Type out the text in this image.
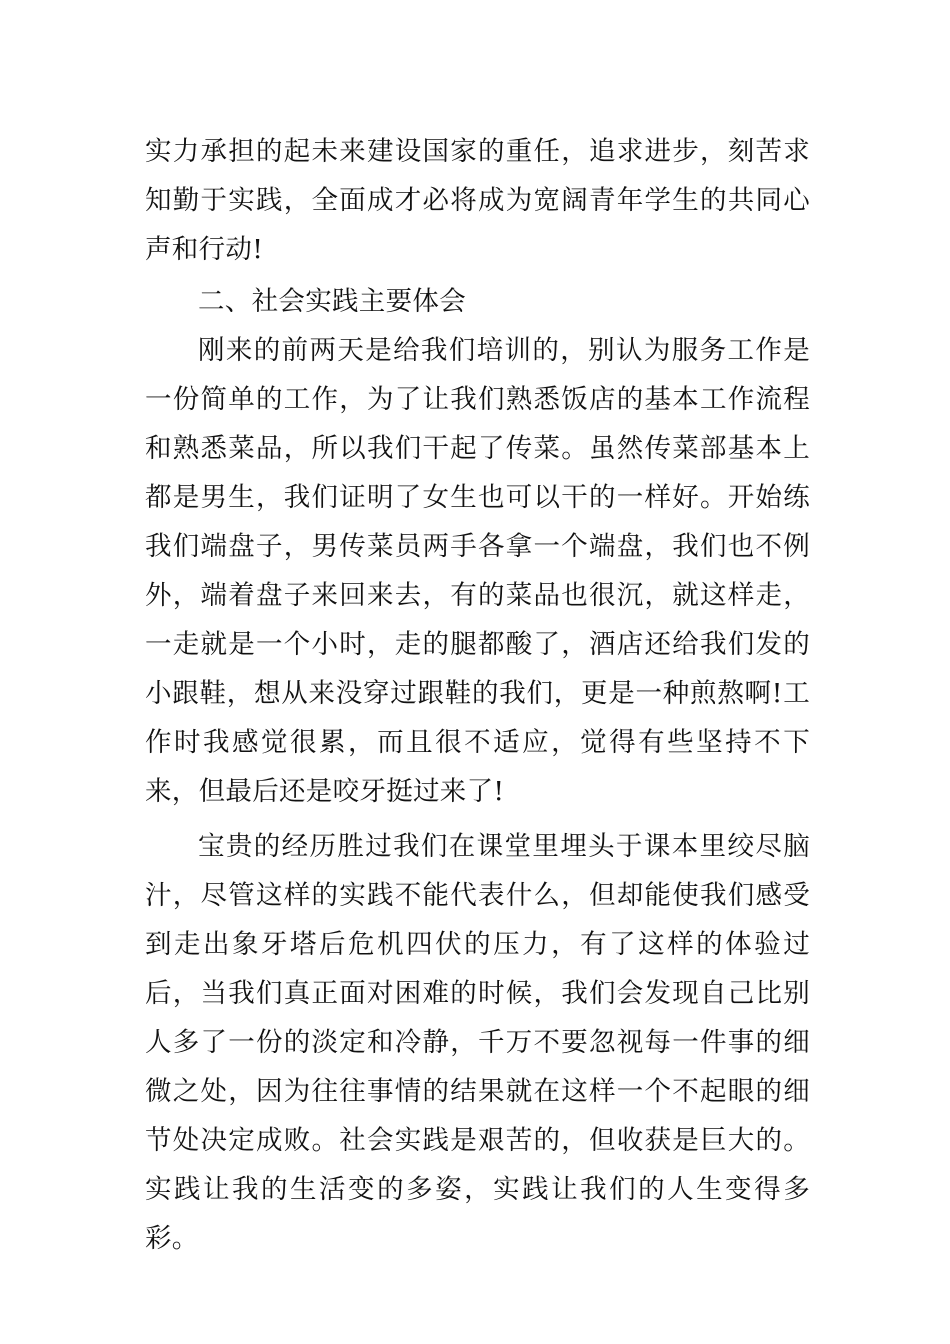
实力承担的起未来建设国家的重任，追求进步，刻苦求知勤于实践，全面成才必将成为宽阔青年学生的共同心声和行动!

二、社会实践主要体会

刚来的前两天是给我们培训的，别认为服务工作是一份简单的工作，为了让我们熟悉饭店的基本工作流程和熟悉菜品，所以我们干起了传菜。虽然传菜部基本上都是男生，我们证明了女生也可以干的一样好。开始练我们端盘子，男传菜员两手各拿一个端盘，我们也不例外，端着盘子来回来去，有的菜品也很沉，就这样走，一走就是一个小时，走的腿都酸了，酒店还给我们发的小跟鞋，想从来没穿过跟鞋的我们，更是一种煎熬啊!工作时我感觉很累，而且很不适应，觉得有些坚持不下来，但最后还是咬牙挺过来了!

宝贵的经历胜过我们在课堂里埋头于课本里绞尽脑汁，尽管这样的实践不能代表什么，但却能使我们感受到走出象牙塔后危机四伏的压力，有了这样的体验过后，当我们真正面对困难的时候，我们会发现自己比别人多了一份的淡定和冷静，千万不要忽视每一件事的细微之处，因为往往事情的结果就在这样一个不起眼的细节处决定成败。社会实践是艰苦的，但收获是巨大的。实践让我的生活变的多姿，实践让我们的人生变得多彩。
